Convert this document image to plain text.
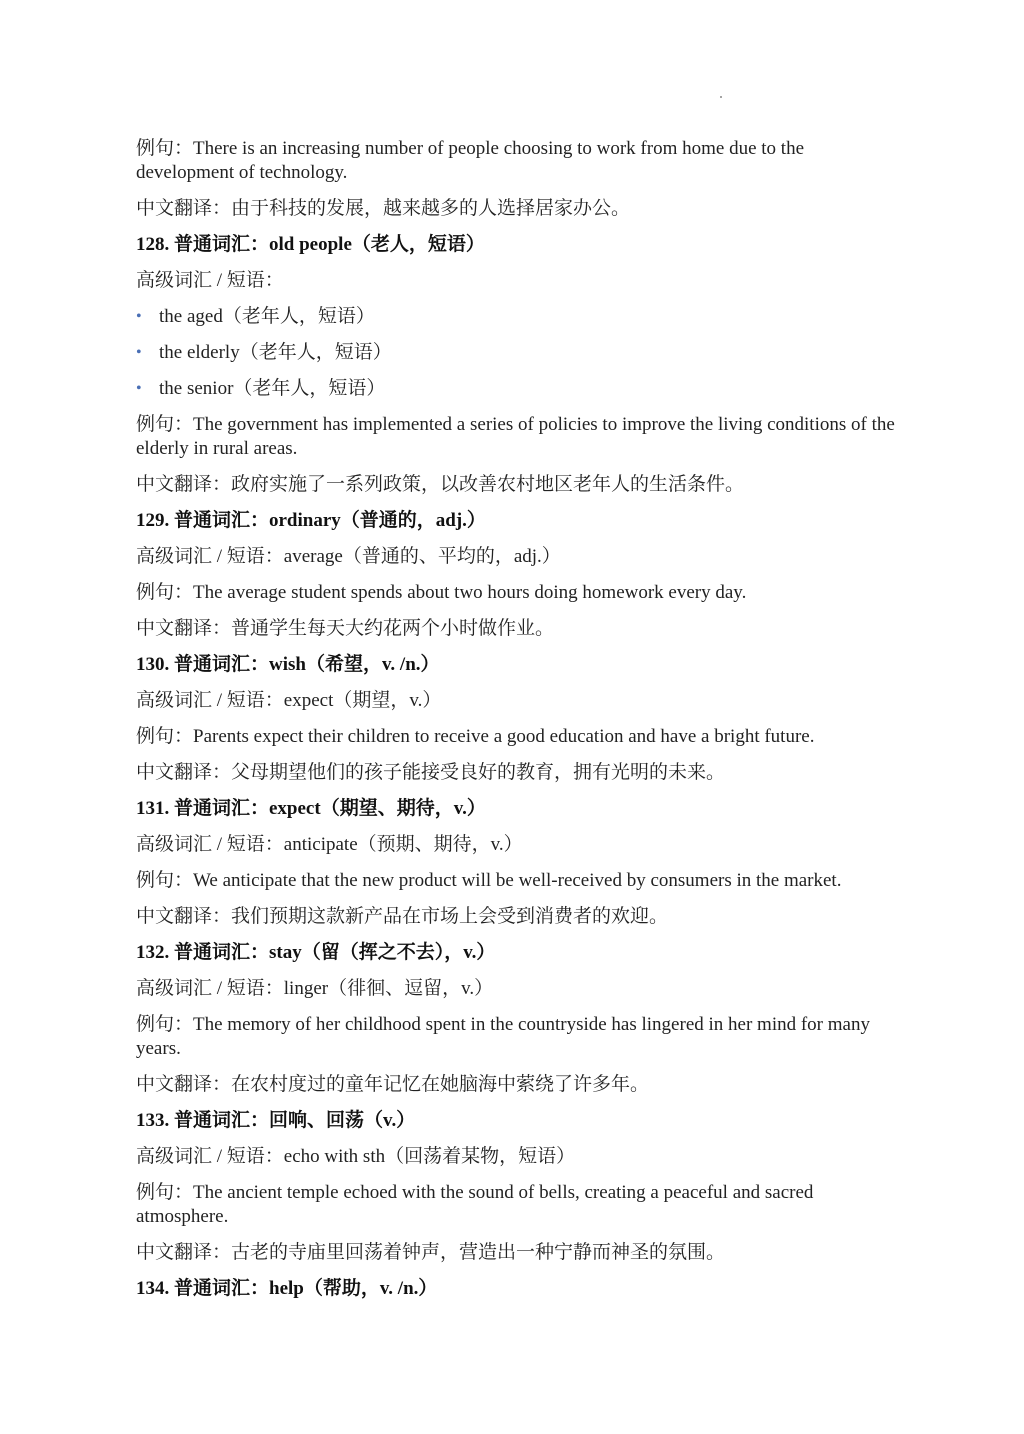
例句：There is an increasing number of people choosing to work from home due to the development of technology.

中文翻译：由于科技的发展，越来越多的人选择居家办公。

128. 普通词汇：old people（老人，短语）

高级词汇 / 短语：

• the aged（老年人，短语）
• the elderly（老年人，短语）
• the senior（老年人，短语）

例句：The government has implemented a series of policies to improve the living conditions of the elderly in rural areas.

中文翻译：政府实施了一系列政策，以改善农村地区老年人的生活条件。

129. 普通词汇：ordinary（普通的，adj.）

高级词汇 / 短语：average（普通的、平均的，adj.）

例句：The average student spends about two hours doing homework every day.

中文翻译：普通学生每天大约花两个小时做作业。

130. 普通词汇：wish（希望，v. /n.）

高级词汇 / 短语：expect（期望，v.）

例句：Parents expect their children to receive a good education and have a bright future.

中文翻译：父母期望他们的孩子能接受良好的教育，拥有光明的未来。

131. 普通词汇：expect（期望、期待，v.）

高级词汇 / 短语：anticipate（预期、期待，v.）

例句：We anticipate that the new product will be well-received by consumers in the market.

中文翻译：我们预期这款新产品在市场上会受到消费者的欢迎。

132. 普通词汇：stay（留（挥之不去），v.）

高级词汇 / 短语：linger（徘徊、逗留，v.）

例句：The memory of her childhood spent in the countryside has lingered in her mind for many years.

中文翻译：在农村度过的童年记忆在她脑海中萦绕了许多年。

133. 普通词汇：回响、回荡（v.）

高级词汇 / 短语：echo with sth（回荡着某物，短语）

例句：The ancient temple echoed with the sound of bells, creating a peaceful and sacred atmosphere.

中文翻译：古老的寺庙里回荡着钟声，营造出一种宁静而神圣的氛围。

134. 普通词汇：help（帮助，v. /n.）
